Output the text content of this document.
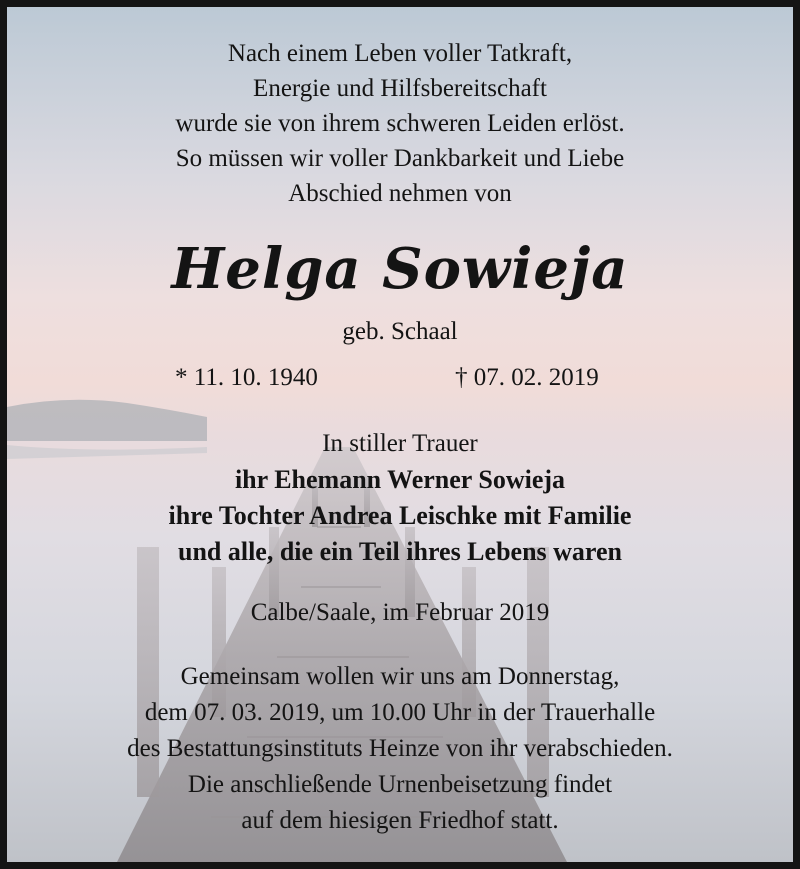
Nach einem Leben voller Tatkraft,
Energie und Hilfsbereitschaft
wurde sie von ihrem schweren Leiden erlöst.
So müssen wir voller Dankbarkeit und Liebe
Abschied nehmen von
Helga Sowieja
geb. Schaal
* 11. 10. 1940	† 07. 02. 2019
In stiller Trauer
ihr Ehemann Werner Sowieja
ihre Tochter Andrea Leischke mit Familie
und alle, die ein Teil ihres Lebens waren
Calbe/Saale, im Februar 2019
Gemeinsam wollen wir uns am Donnerstag,
dem 07. 03. 2019, um 10.00 Uhr in der Trauerhalle
des Bestattungsinstituts Heinze von ihr verabschieden.
Die anschließende Urnenbeisetzung findet
auf dem hiesigen Friedhof statt.
